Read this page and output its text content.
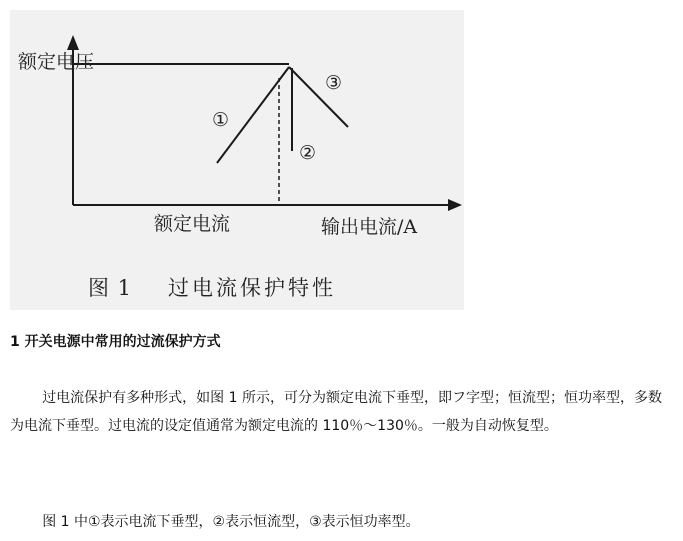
额定电压
额定电流	输出电流/A
①
②
③
图 1 过电流保护特性
1 开关电源中常用的过流保护方式

过电流保护有多种形式，如图 1 所示，可分为额定电流下垂型，即フ字型；恒流型；恒功率型，多数为电流下垂型。过电流的设定值通常为额定电流的 110％～130％。一般为自动恢复型。

图 1 中①表示电流下垂型，②表示恒流型，③表示恒功率型。
